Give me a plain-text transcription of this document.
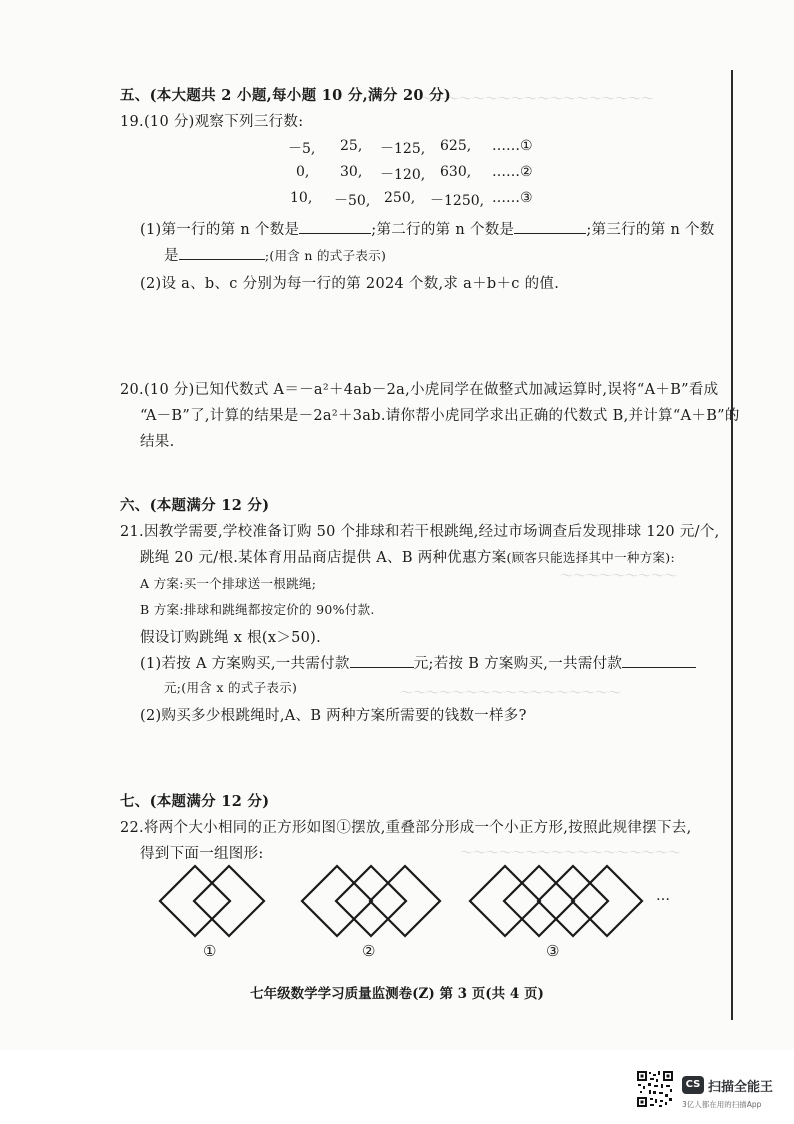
～～～～～～～～～～～～～～～～～～
～～～～～～～～～
～～～～～～～～～～～～～～～～～
～～～～～～～～～～～～～～～～～
五、(本大题共 2 小题,每小题 10 分,满分 20 分)
19.(10 分)观察下列三行数:
－5, 25, －125, 625, ……①
0, 30, －120, 630, ……②
10, －50, 250, －1250, ……③
(1)第一行的第 n 个数是	;第二行的第 n 个数是	;第三行的第 n 个数
是	;(用含 n 的式子表示)
(2)设 a、b、c 分别为每一行的第 2024 个数,求 a＋b＋c 的值.
20.(10 分)已知代数式 A＝－a²＋4ab－2a,小虎同学在做整式加减运算时,误将“A＋B”看成
“A－B”了,计算的结果是－2a²＋3ab.请你帮小虎同学求出正确的代数式 B,并计算“A＋B”的
结果.
六、(本题满分 12 分)
21.因教学需要,学校准备订购 50 个排球和若干根跳绳,经过市场调查后发现排球 120 元/个,
跳绳 20 元/根.某体育用品商店提供 A、B 两种优惠方案(顾客只能选择其中一种方案):
A 方案:买一个排球送一根跳绳;
B 方案:排球和跳绳都按定价的 90%付款.
假设订购跳绳 x 根(x＞50).
(1)若按 A 方案购买,一共需付款	元;若按 B 方案购买,一共需付款
元;(用含 x 的式子表示)
(2)购买多少根跳绳时,A、B 两种方案所需要的钱数一样多?
七、(本题满分 12 分)
22.将两个大小相同的正方形如图①摆放,重叠部分形成一个小正方形,按照此规律摆下去,
得到下面一组图形:
①	②	③
…
七年级数学学习质量监测卷(Z) 第 3 页(共 4 页)
CS 扫描全能王
3亿人都在用的扫描App
